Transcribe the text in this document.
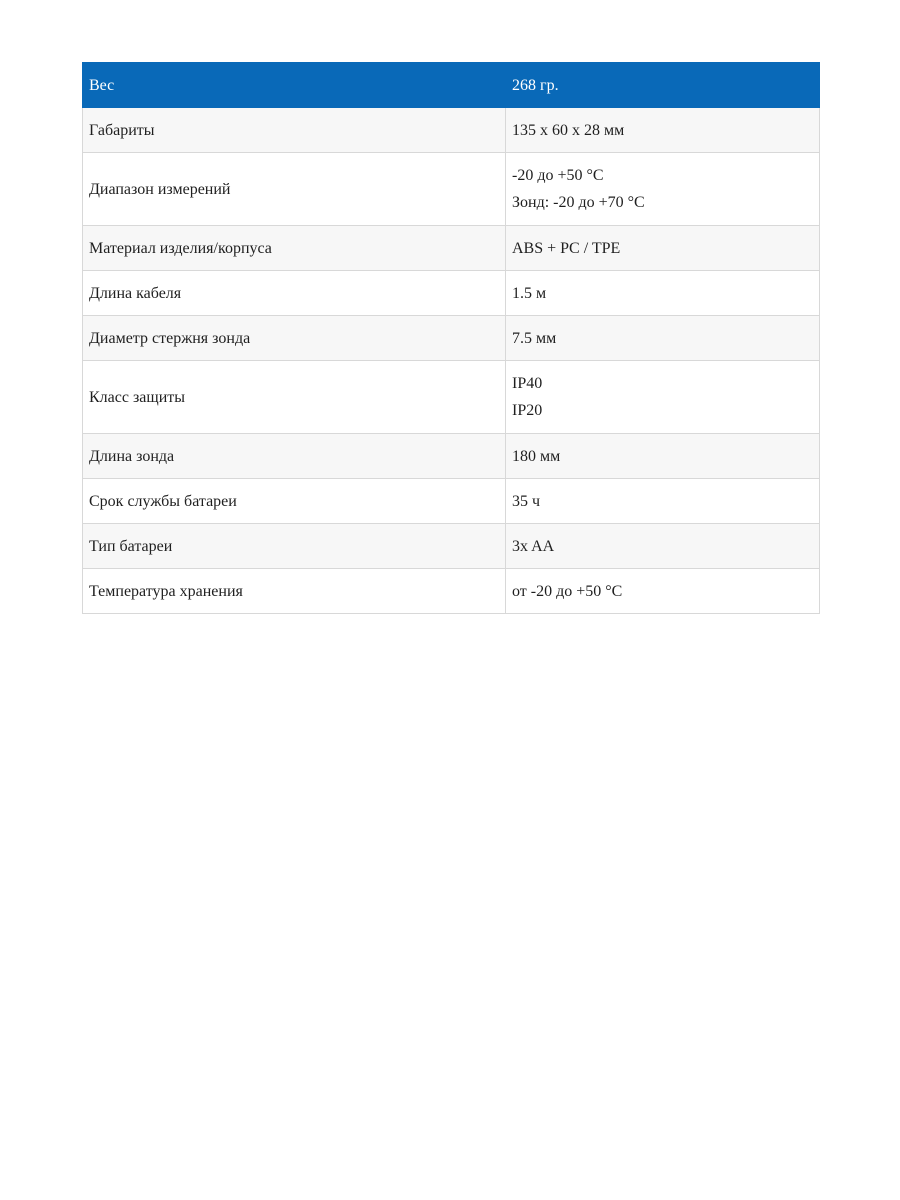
Вес	268 гр.

Габариты	135 x 60 x 28 мм

Диапазон измерений	-20 до +50 °C
Зонд: -20 до +70 °C

Материал изделия/корпуса	ABS + PC / TPE

Длина кабеля	1.5 м

Диаметр стержня зонда	7.5 мм

Класс защиты	IP40
IP20

Длина зонда	180 мм

Срок службы батареи	35 ч

Тип батареи	3x AA

Температура хранения	от -20 до +50 °C
